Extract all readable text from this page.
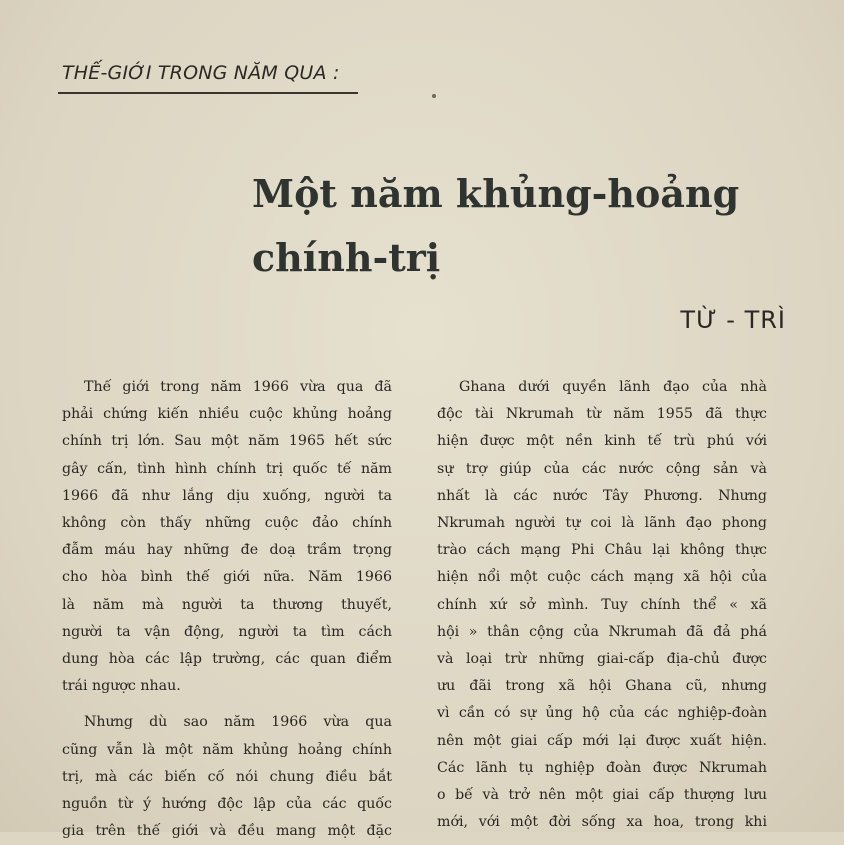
THẾ-GIỚI TRONG NĂM QUA :
Một năm khủng-hoảng
chính-trị
TỪ - TRÌ
Thế giới trong năm 1966 vừa qua đã
phải chứng kiến nhiều cuộc khủng hoảng
chính trị lớn. Sau một năm 1965 hết sức
gây cấn, tình hình chính trị quốc tế năm
1966 đã như lắng dịu xuống, người ta
không còn thấy những cuộc đảo chính
đẫm máu hay những đe doạ trầm trọng
cho hòa bình thế giới nữa. Năm 1966
là năm mà người ta thương thuyết,
người ta vận động, người ta tìm cách
dung hòa các lập trường, các quan điểm
trái ngược nhau.
Nhưng dù sao năm 1966 vừa qua
cũng vẫn là một năm khủng hoảng chính
trị, mà các biến cố nói chung điều bắt
nguồn từ ý hướng độc lập của các quốc
gia trên thế giới và đều mang một đặc
Ghana dưới quyền lãnh đạo của nhà
độc tài Nkrumah từ năm 1955 đã thực
hiện được một nền kinh tế trù phú với
sự trợ giúp của các nước cộng sản và
nhất là các nước Tây Phương. Nhưng
Nkrumah người tự coi là lãnh đạo phong
trào cách mạng Phi Châu lại không thực
hiện nổi một cuộc cách mạng xã hội của
chính xứ sở mình. Tuy chính thể « xã
hội » thân cộng của Nkrumah đã đả phá
và loại trừ những giai-cấp địa-chủ được
ưu đãi trong xã hội Ghana cũ, nhưng
vì cần có sự ủng hộ của các nghiệp-đoàn
nên một giai cấp mới lại được xuất hiện.
Các lãnh tụ nghiệp đoàn được Nkrumah
o bế và trở nên một giai cấp thượng lưu
mới, với một đời sống xa hoa, trong khi
